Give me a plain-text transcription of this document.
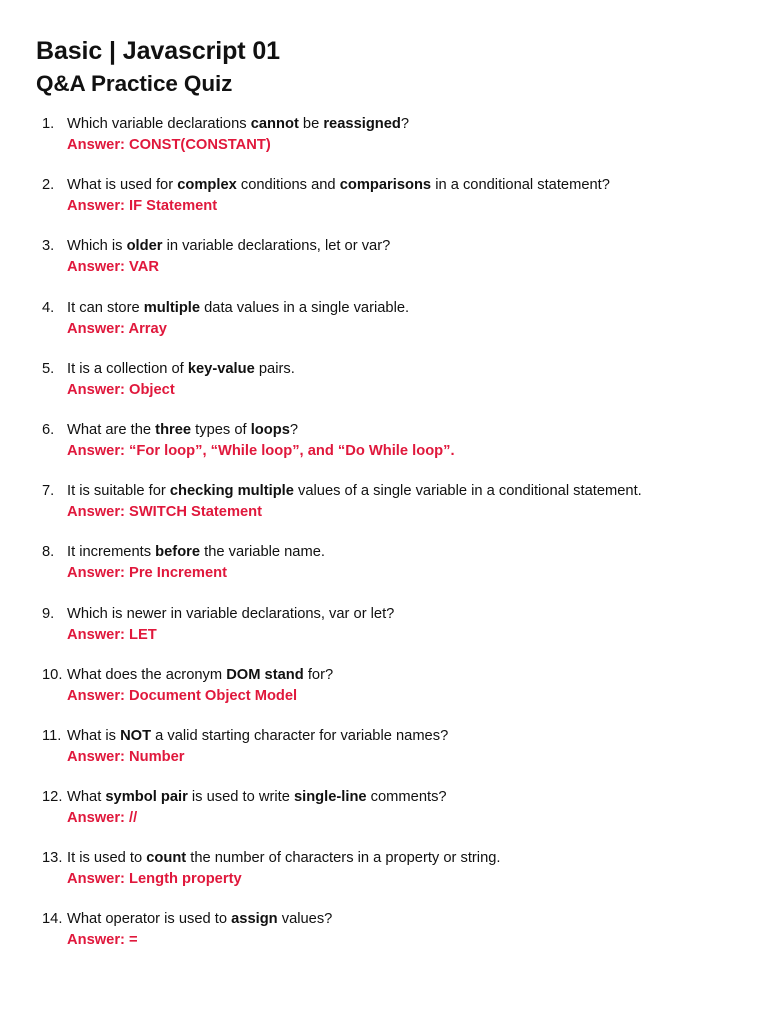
Basic | Javascript 01
Q&A Practice Quiz
1. Which variable declarations cannot be reassigned?
Answer: CONST(CONSTANT)
2. What is used for complex conditions and comparisons in a conditional statement?
Answer: IF Statement
3. Which is older in variable declarations, let or var?
Answer: VAR
4. It can store multiple data values in a single variable.
Answer: Array
5. It is a collection of key-value pairs.
Answer: Object
6. What are the three types of loops?
Answer: “For loop”, “While loop”, and “Do While loop”.
7. It is suitable for checking multiple values of a single variable in a conditional statement.
Answer: SWITCH Statement
8. It increments before the variable name.
Answer: Pre Increment
9. Which is newer in variable declarations, var or let?
Answer: LET
10. What does the acronym DOM stand for?
Answer: Document Object Model
11. What is NOT a valid starting character for variable names?
Answer: Number
12. What symbol pair is used to write single-line comments?
Answer: //
13. It is used to count the number of characters in a property or string.
Answer: Length property
14. What operator is used to assign values?
Answer: =
